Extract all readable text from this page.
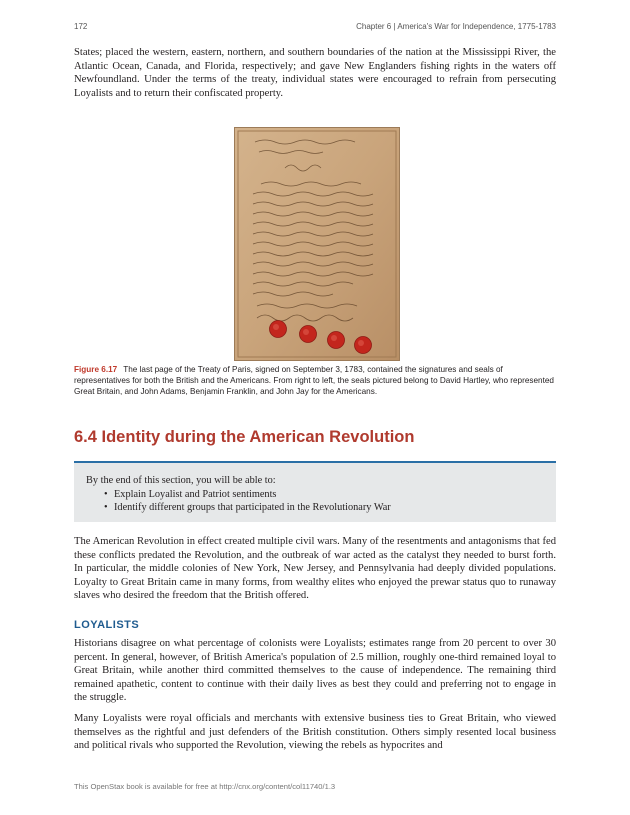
172	Chapter 6 | America's War for Independence, 1775-1783

States; placed the western, eastern, northern, and southern boundaries of the nation at the Mississippi River, the Atlantic Ocean, Canada, and Florida, respectively; and gave New Englanders fishing rights in the waters off Newfoundland. Under the terms of the treaty, individual states were encouraged to refrain from persecuting Loyalists and to return their confiscated property.

Figure 6.17 The last page of the Treaty of Paris, signed on September 3, 1783, contained the signatures and seals of representatives for both the British and the Americans. From right to left, the seals pictured belong to David Hartley, who represented Great Britain, and John Adams, Benjamin Franklin, and John Jay for the Americans.

6.4 Identity during the American Revolution

By the end of this section, you will be able to:

• Explain Loyalist and Patriot sentiments
• Identify different groups that participated in the Revolutionary War

The American Revolution in effect created multiple civil wars. Many of the resentments and antagonisms that fed these conflicts predated the Revolution, and the outbreak of war acted as the catalyst they needed to burst forth. In particular, the middle colonies of New York, New Jersey, and Pennsylvania had deeply divided populations. Loyalty to Great Britain came in many forms, from wealthy elites who enjoyed the prewar status quo to runaway slaves who desired the freedom that the British offered.

LOYALISTS

Historians disagree on what percentage of colonists were Loyalists; estimates range from 20 percent to over 30 percent. In general, however, of British America's population of 2.5 million, roughly one-third remained loyal to Great Britain, while another third committed themselves to the cause of independence. The remaining third remained apathetic, content to continue with their daily lives as best they could and preferring not to engage in the struggle.

Many Loyalists were royal officials and merchants with extensive business ties to Great Britain, who viewed themselves as the rightful and just defenders of the British constitution. Others simply resented local business and political rivals who supported the Revolution, viewing the rebels as hypocrites and

This OpenStax book is available for free at http://cnx.org/content/col11740/1.3
